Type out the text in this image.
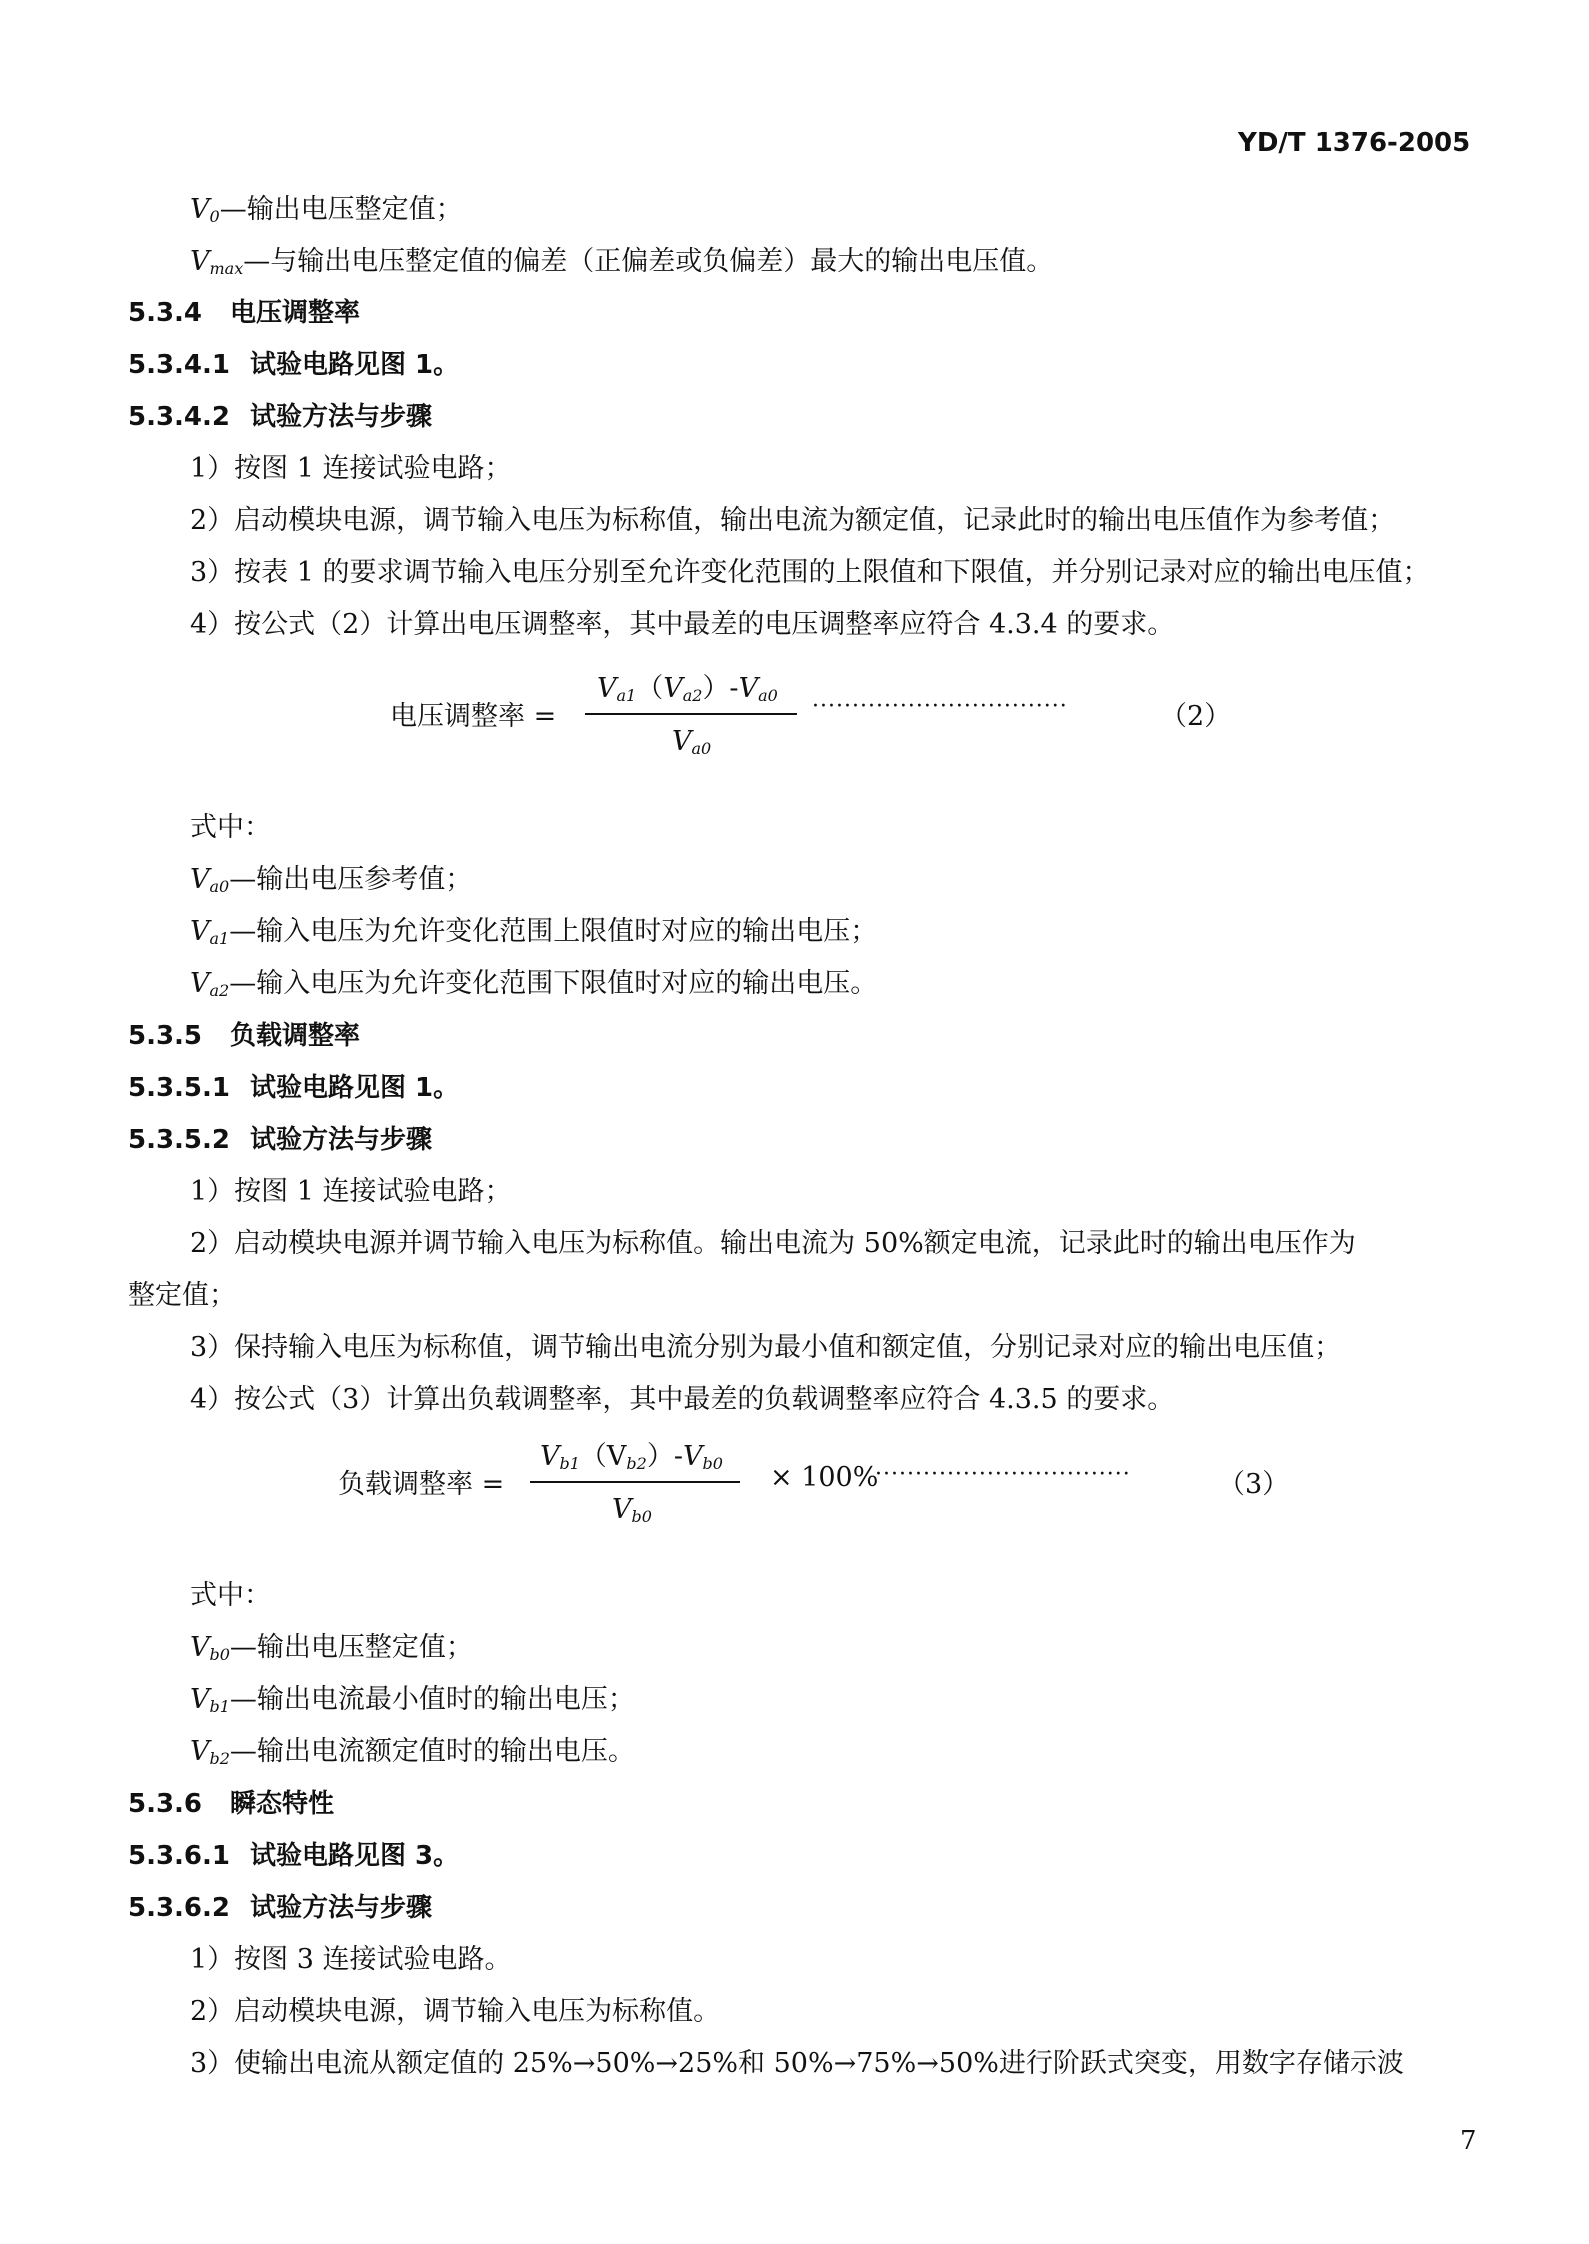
YD/T 1376-2005
$V_0—$输出电压整定值；
$V_{max}—$与输出电压整定值的偏差（正偏差或负偏差）最大的输出电压值。
5.3.4 电压调整率
5.3.4.1 试验电路见图 1。
5.3.4.2 试验方法与步骤
1）按图 1 连接试验电路；
2）启动模块电源，调节输入电压为标称值，输出电流为额定值，记录此时的输出电压值作为参考值；
3）按表 1 的要求调节输入电压分别至允许变化范围的上限值和下限值，并分别记录对应的输出电压值；
4）按公式（2）计算出电压调整率，其中最差的电压调整率应符合 4.3.4 的要求。
电压调整率 =
$V_{a1}(V_{a2})-V_{a0}$
$V_{a0}$
································	（2）
式中：
$V_{a0}—$输出电压参考值；
$V_{a1}—$输入电压为允许变化范围上限值时对应的输出电压；
$V_{a2}—$输入电压为允许变化范围下限值时对应的输出电压。
5.3.5 负载调整率
5.3.5.1 试验电路见图 1。
5.3.5.2 试验方法与步骤
1）按图 1 连接试验电路；
2）启动模块电源并调节输入电压为标称值。输出电流为 50%额定电流，记录此时的输出电压作为
整定值；
3）保持输入电压为标称值，调节输出电流分别为最小值和额定值，分别记录对应的输出电压值；
4）按公式（3）计算出负载调整率，其中最差的负载调整率应符合 4.3.5 的要求。
负载调整率 =
$V_{b1}(V_{b2})-V_{b0}$
$V_{b0}$
× 100%
································	（3）
式中：
$V_{b0}—$输出电压整定值；
$V_{b1}—$输出电流最小值时的输出电压；
$V_{b2}—$输出电流额定值时的输出电压。
5.3.6 瞬态特性
5.3.6.1 试验电路见图 3。
5.3.6.2 试验方法与步骤
1）按图 3 连接试验电路。
2）启动模块电源，调节输入电压为标称值。
3）使输出电流从额定值的 25%→50%→25%和 50%→75%→50%进行阶跃式突变，用数字存储示波
7
